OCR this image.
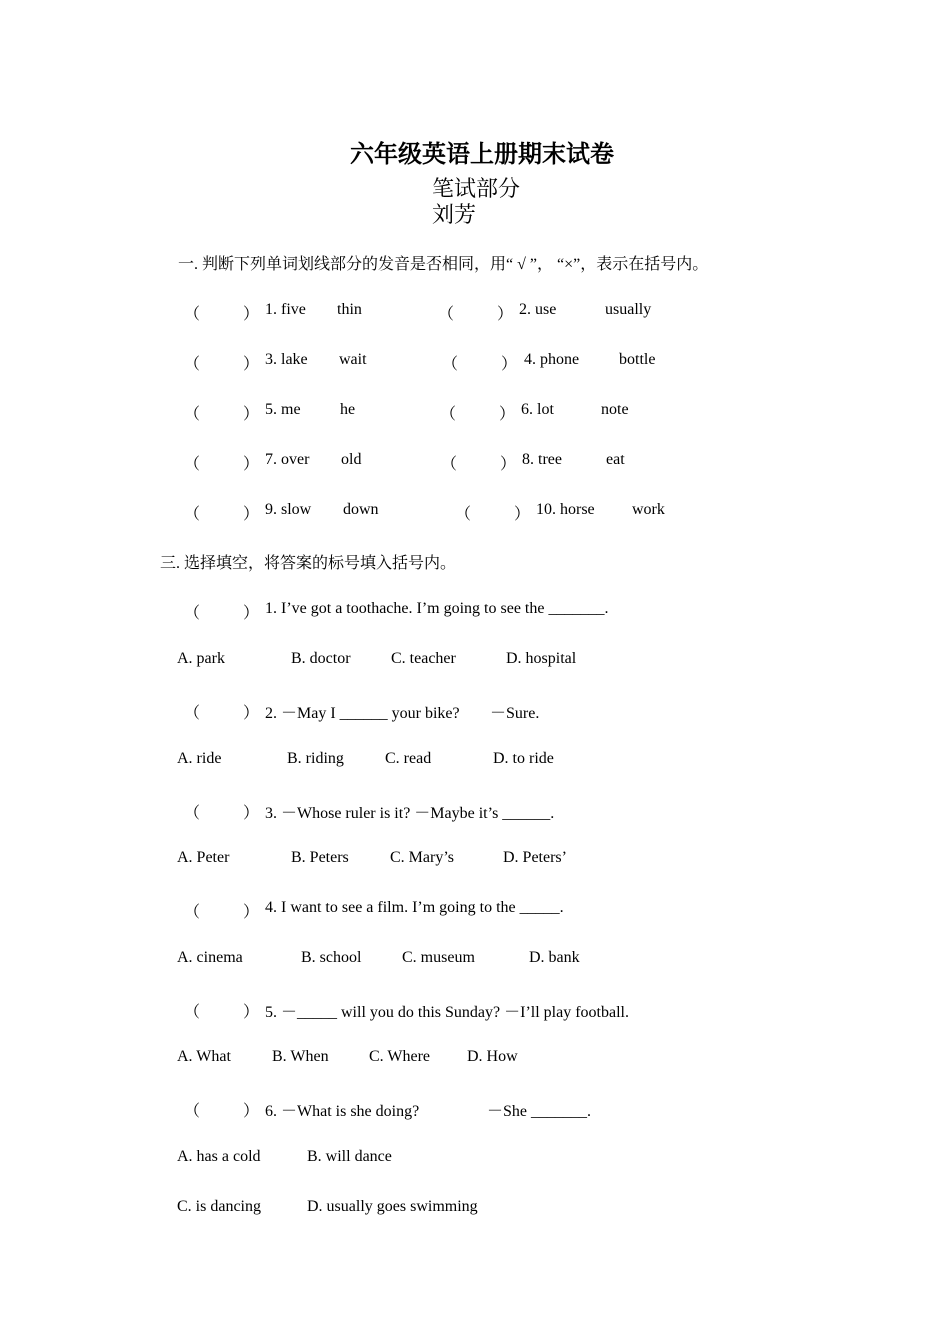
六年级英语上册期末试卷
笔试部分
刘芳
一. 判断下列单词划线部分的发音是否相同，用“ √ ”， “×”，表示在括号内。
（	） 1. five thin	（	） 2. use	usually
（	） 3. lake wait	（	） 4. phone bottle
（	） 5. me he	（	） 6. lot	note
（	） 7. over old	（	） 8. tree	eat
（	） 9. slow down	（	） 10. horse work
三. 选择填空，将答案的标号填入括号内。
（	） 1. I’ve got a toothache. I’m going to see the _______.
A. park	B. doctor	C. teacher	D. hospital
（	） 2. －May I ______ your bike? －Sure.
A. ride	B. riding	C. read	D. to ride
（	） 3. －Whose ruler is it? －Maybe it’s ______.
A. Peter	B. Peters	C. Mary’s	D. Peters’
（	） 4. I want to see a film. I’m going to the _____.
A. cinema	B. school	C. museum	D. bank
（	） 5. －_____ will you do this Sunday? －I’ll play football.
A. What	B. When	C. Where D. How
（	） 6. －What is she doing?	－She _______.
A. has a cold	B. will dance
C. is dancing	D. usually goes swimming
